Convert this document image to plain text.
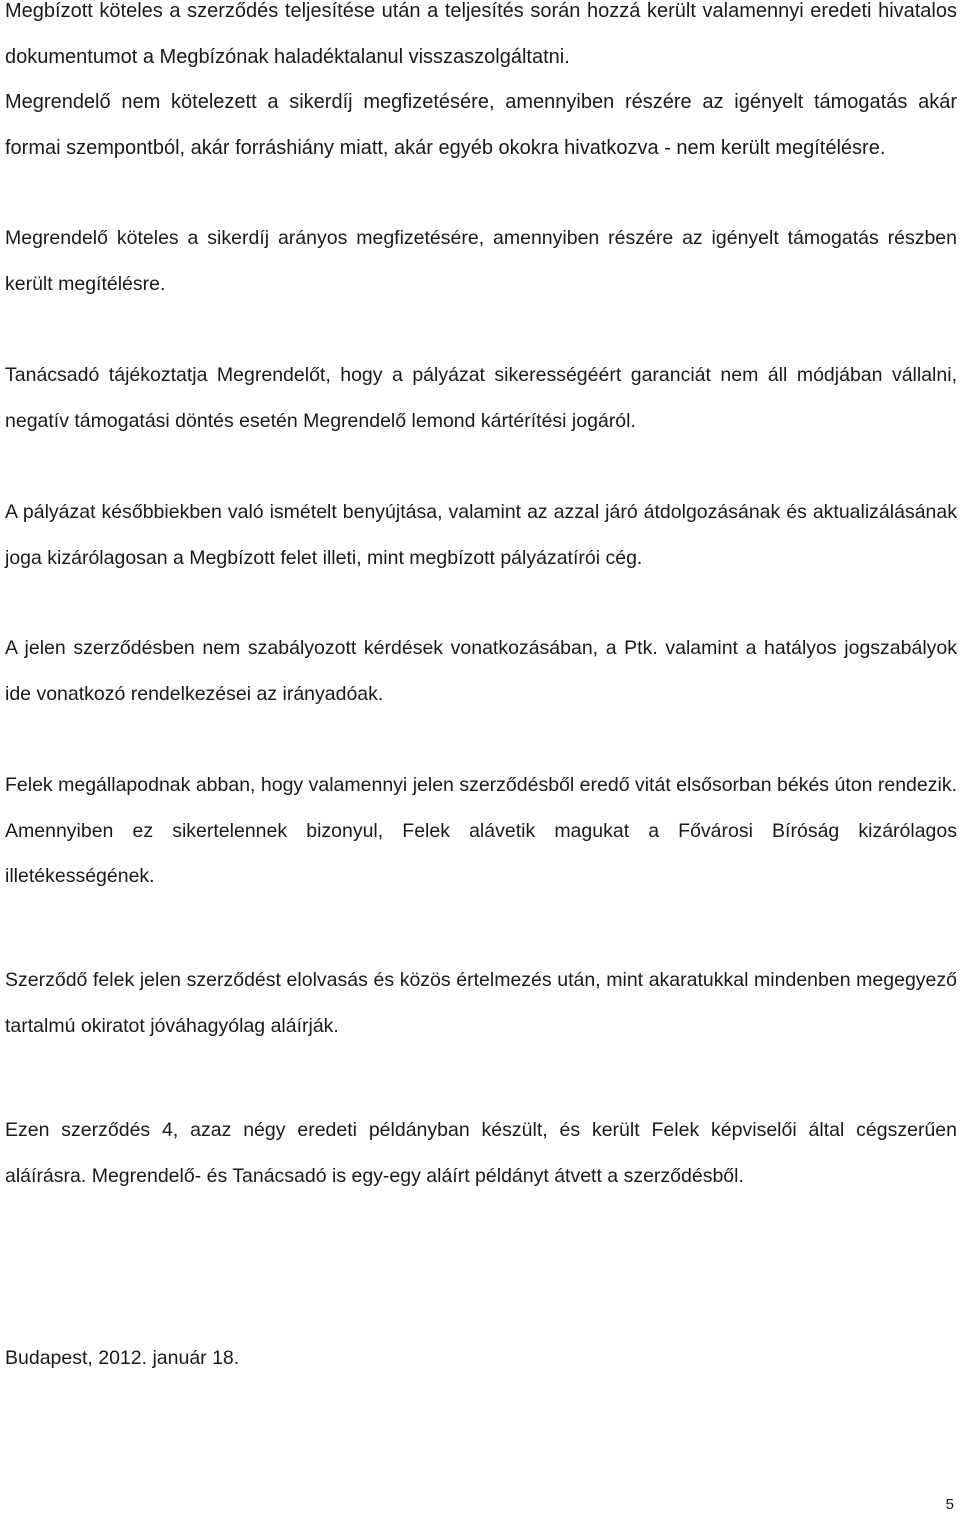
Megbízott köteles a szerződés teljesítése után a teljesítés során hozzá került valamennyi eredeti hivatalos dokumentumot a Megbízónak haladéktalanul visszaszolgáltatni.

Megrendelő nem kötelezett a sikerdíj megfizetésére, amennyiben részére az igényelt támogatás akár formai szempontból, akár forráshiány miatt, akár egyéb okokra hivatkozva - nem került megítélésre.

Megrendelő köteles a sikerdíj arányos megfizetésére, amennyiben részére az igényelt támogatás részben került megítélésre.

Tanácsadó tájékoztatja Megrendelőt, hogy a pályázat sikerességéért garanciát nem áll módjában vállalni, negatív támogatási döntés esetén Megrendelő lemond kártérítési jogáról.

A pályázat későbbiekben való ismételt benyújtása, valamint az azzal járó átdolgozásának és aktualizálásának joga kizárólagosan a Megbízott felet illeti, mint megbízott pályázatírói cég.

A jelen szerződésben nem szabályozott kérdések vonatkozásában, a Ptk. valamint a hatályos jogszabályok ide vonatkozó rendelkezései az irányadóak.

Felek megállapodnak abban, hogy valamennyi jelen szerződésből eredő vitát elsősorban békés úton rendezik. Amennyiben ez sikertelennek bizonyul, Felek alávetik magukat a Fővárosi Bíróság kizárólagos illetékességének.

Szerződő felek jelen szerződést elolvasás és közös értelmezés után, mint akaratukkal mindenben megegyező tartalmú okiratot jóváhagyólag aláírják.

Ezen szerződés 4, azaz négy eredeti példányban készült, és került Felek képviselői által cégszerűen aláírásra. Megrendelő- és Tanácsadó is egy-egy aláírt példányt átvett a szerződésből.

Budapest, 2012. január 18.

5
